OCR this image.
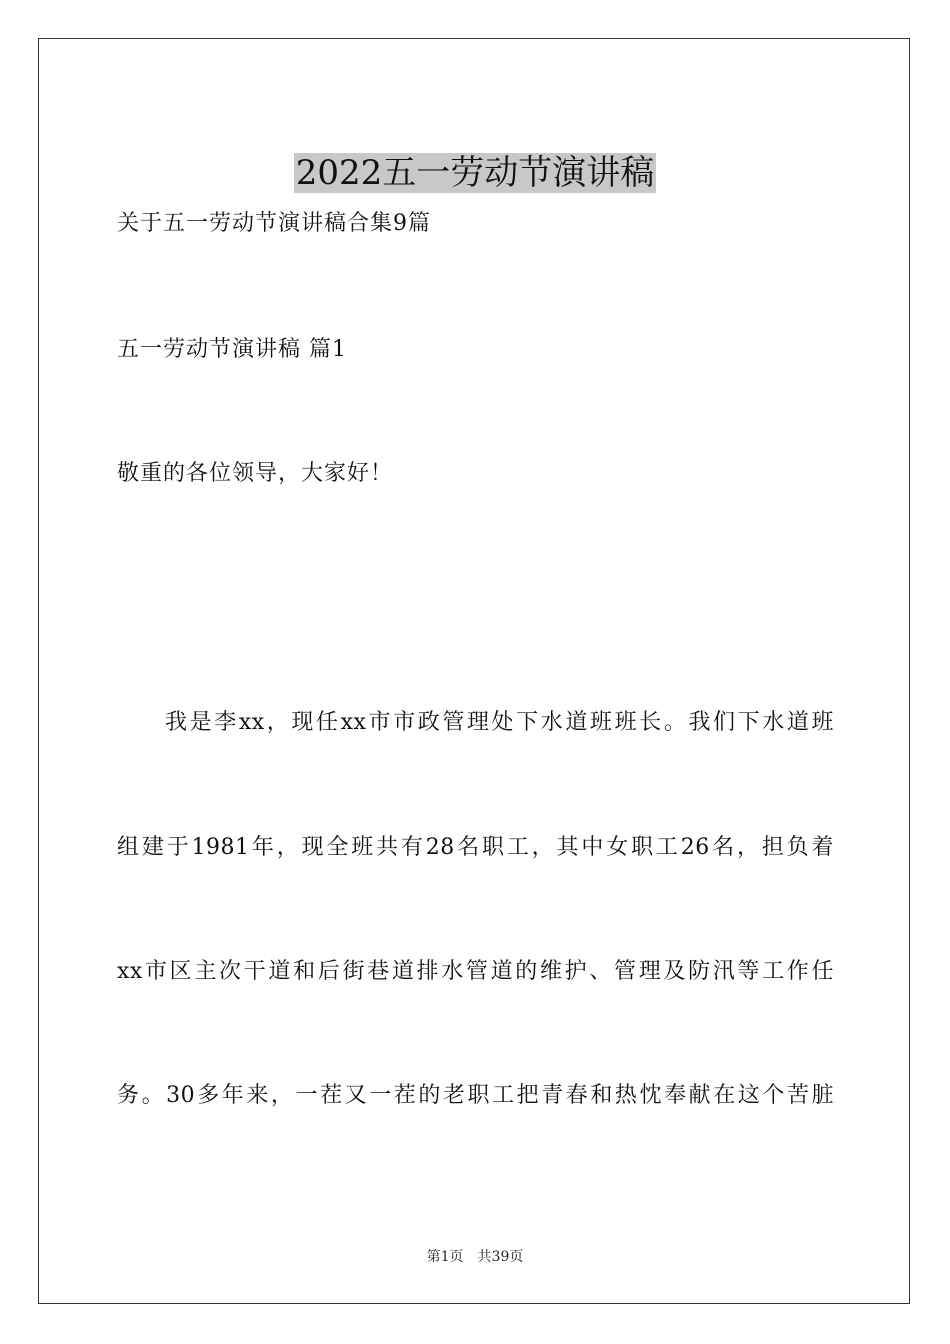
2022五一劳动节演讲稿
关于五一劳动节演讲稿合集9篇
五一劳动节演讲稿 篇1
敬重的各位领导，大家好！
我是李xx，现任xx市市政管理处下水道班班长。我们下水道班
组建于1981年，现全班共有28名职工，其中女职工26名，担负着
xx市区主次干道和后街巷道排水管道的维护、管理及防汛等工作任
务。30多年来，一茬又一茬的老职工把青春和热忱奉献在这个苦脏
第1页 共39页
